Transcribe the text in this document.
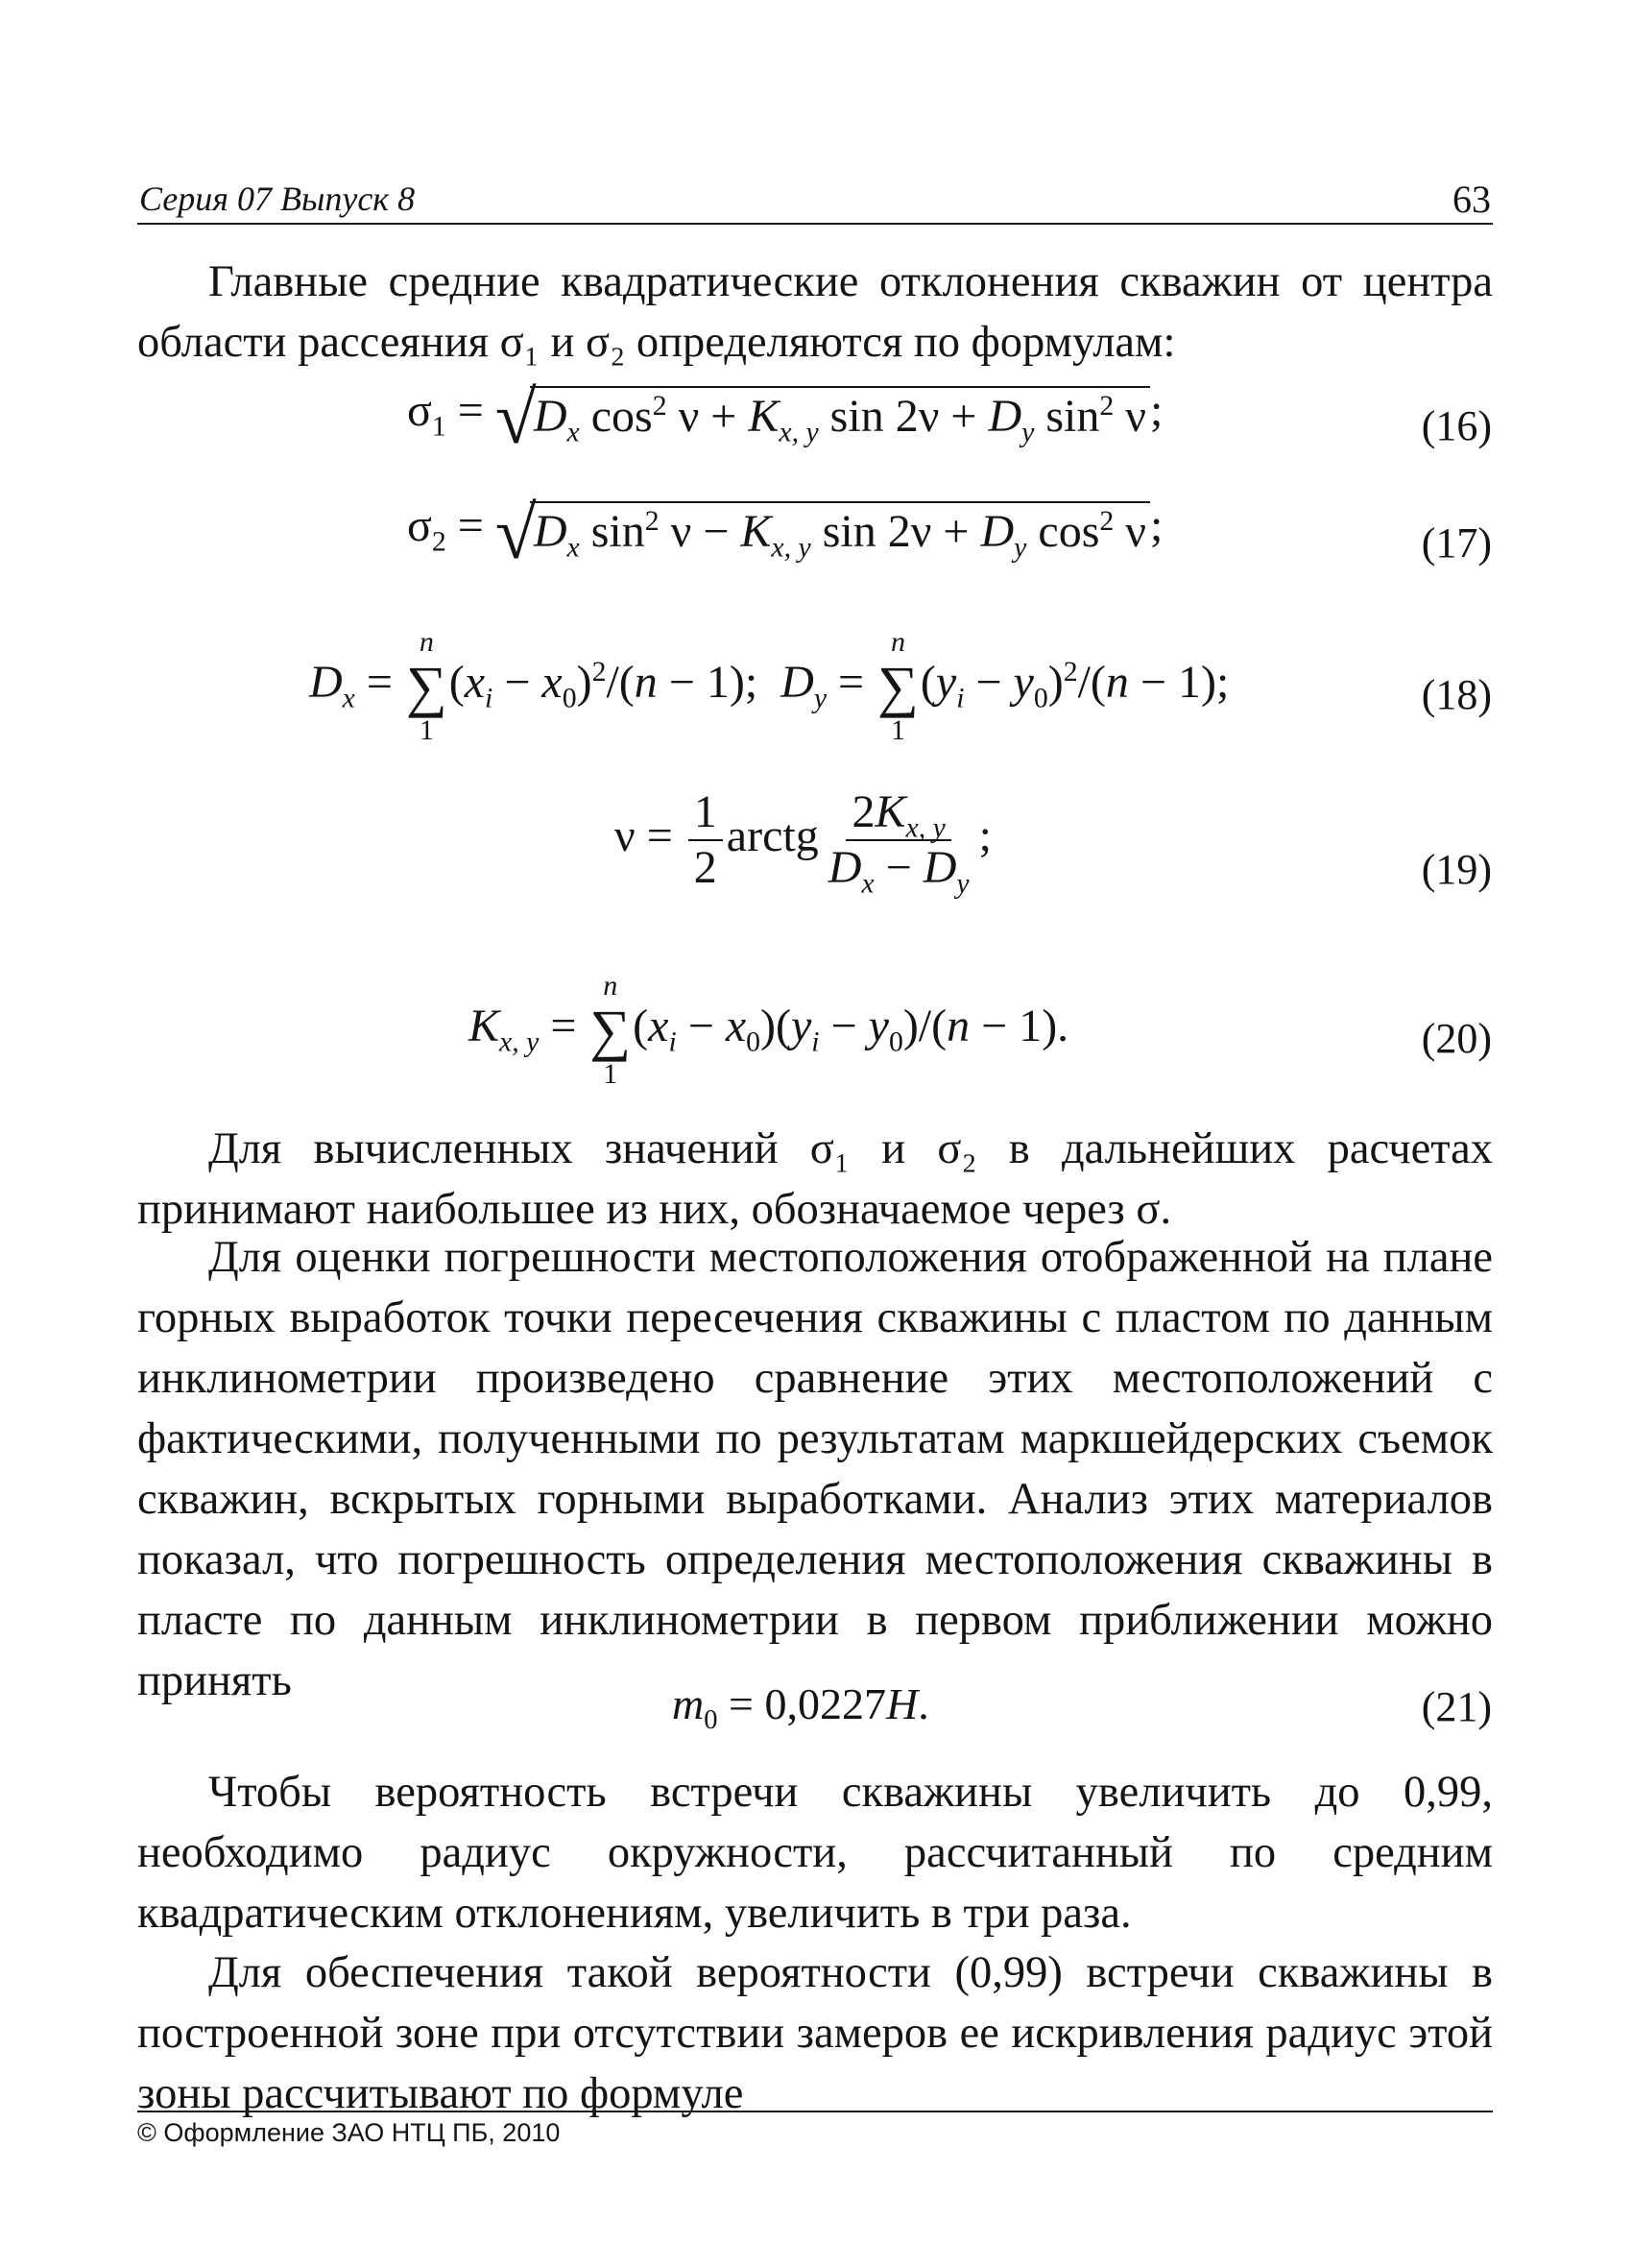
Серия 07 Выпуск 8	63
Главные средние квадратические отклонения скважин от центра области рассеяния σ₁ и σ₂ определяются по формулам:
$\sigma_1$ = √
$D_x$ $\cos^2 \nu + K_{x, y}$ $\sin 2\nu + D_y$ $\sin^2 \nu$;	(16)
$\sigma_2$ = √
$D_x$ $\sin^2 \nu - K_{x, y}$ $\sin 2\nu + D_y$ $\cos^2 \nu$;	(17)
$D_x$ =
n
∑
1
$(x_i - x_0)^2/(n - 1)$;  $D_y$ =
n
∑
1
$(y_i - y_0)^2/(n - 1)$;	(18)
$\nu = \frac{1}{2}$ arctg $\frac{2K_{x, y}}{D_x - D_y}$ ;
(19)
$K_{x, y}$ =
n
∑
1
$(x_i - x_0)(y_i - y_0)/(n - 1)$.	(20)
Для вычисленных значений σ₁ и σ₂ в дальнейших расчетах принимают наибольшее из них, обозначаемое через σ.
Для оценки погрешности местоположения отображенной на плане горных выработок точки пересечения скважины с пластом по данным инклинометрии произведено сравнение этих местоположений с фактическими, полученными по результатам маркшейдерских съемок скважин, вскрытых горными выработками. Анализ этих материалов показал, что погрешность определения местоположения скважины в пласте по данным инклинометрии в первом приближении можно принять	$m_0 = 0,0227H$.	(21)
Чтобы вероятность встречи скважины увеличить до 0,99, необходимо радиус окружности, рассчитанный по средним квадратическим отклонениям, увеличить в три раза.
Для обеспечения такой вероятности (0,99) встречи скважины в построенной зоне при отсутствии замеров ее искривления радиус этой зоны рассчитывают по формуле
© Оформление ЗАО НТЦ ПБ, 2010
